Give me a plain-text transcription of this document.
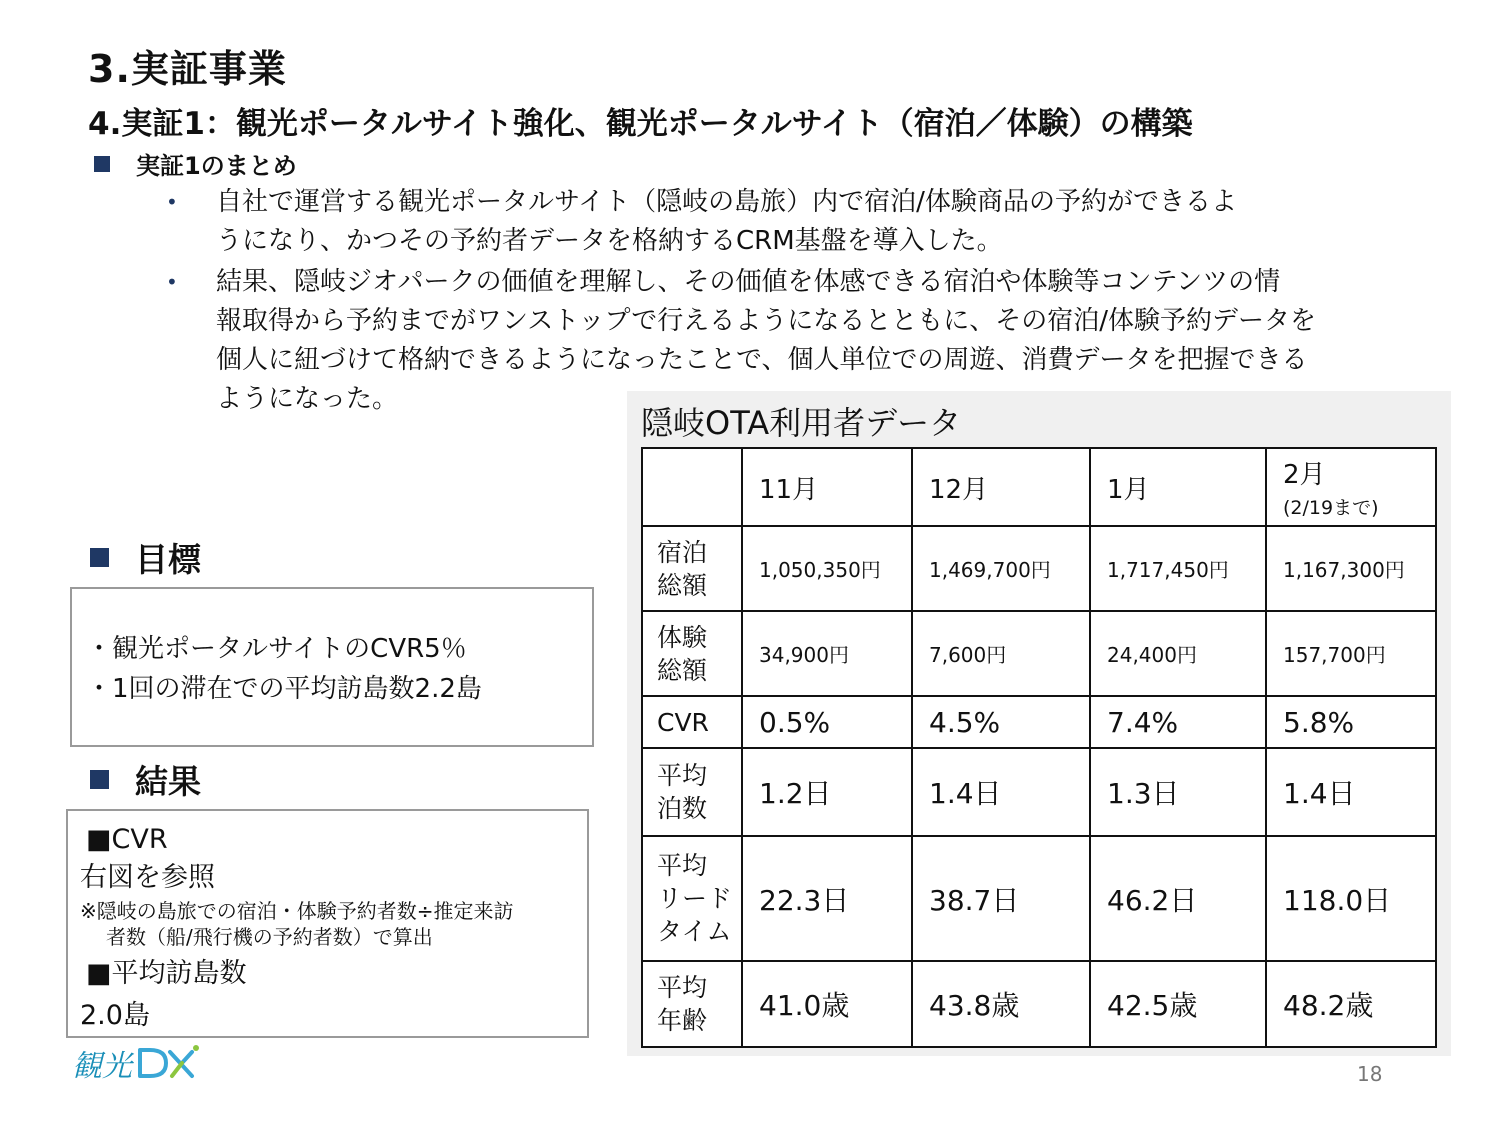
3.実証事業
4.実証1：観光ポータルサイト強化、観光ポータルサイト（宿泊／体験）の構築
実証1のまとめ
• 自社で運営する観光ポータルサイト（隠岐の島旅）内で宿泊/体験商品の予約ができるよ

うになり、かつその予約者データを格納するCRM基盤を導入した。

• 結果、隠岐ジオパークの価値を理解し、その価値を体感できる宿泊や体験等コンテンツの情

報取得から予約までがワンストップで行えるようになるとともに、その宿泊/体験予約データを

個人に紐づけて格納できるようになったことで、個人単位での周遊、消費データを把握できる

ようになった。

目標
・観光ポータルサイトのCVR5％
・1回の滞在での平均訪島数2.2島
結果
■CVR
右図を参照
※隠岐の島旅での宿泊・体験予約者数÷推定来訪
者数（船/飛行機の予約者数）で算出
■平均訪島数
2.0島
隠岐OTA利用者データ
	11月	12月	1月	2月
(2/19まで)

宿泊
総額	1,050,350円	1,469,700円	1,717,450円	1,167,300円

体験
総額	34,900円	7,600円	24,400円	157,700円

CVR	0.5%	4.5%	7.4%	5.8%

平均
泊数	1.2日	1.4日	1.3日	1.4日

平均
リード
タイム	22.3日	38.7日	46.2日	118.0日

平均
年齢	41.0歳	43.8歳	42.5歳	48.2歳
観光	18
